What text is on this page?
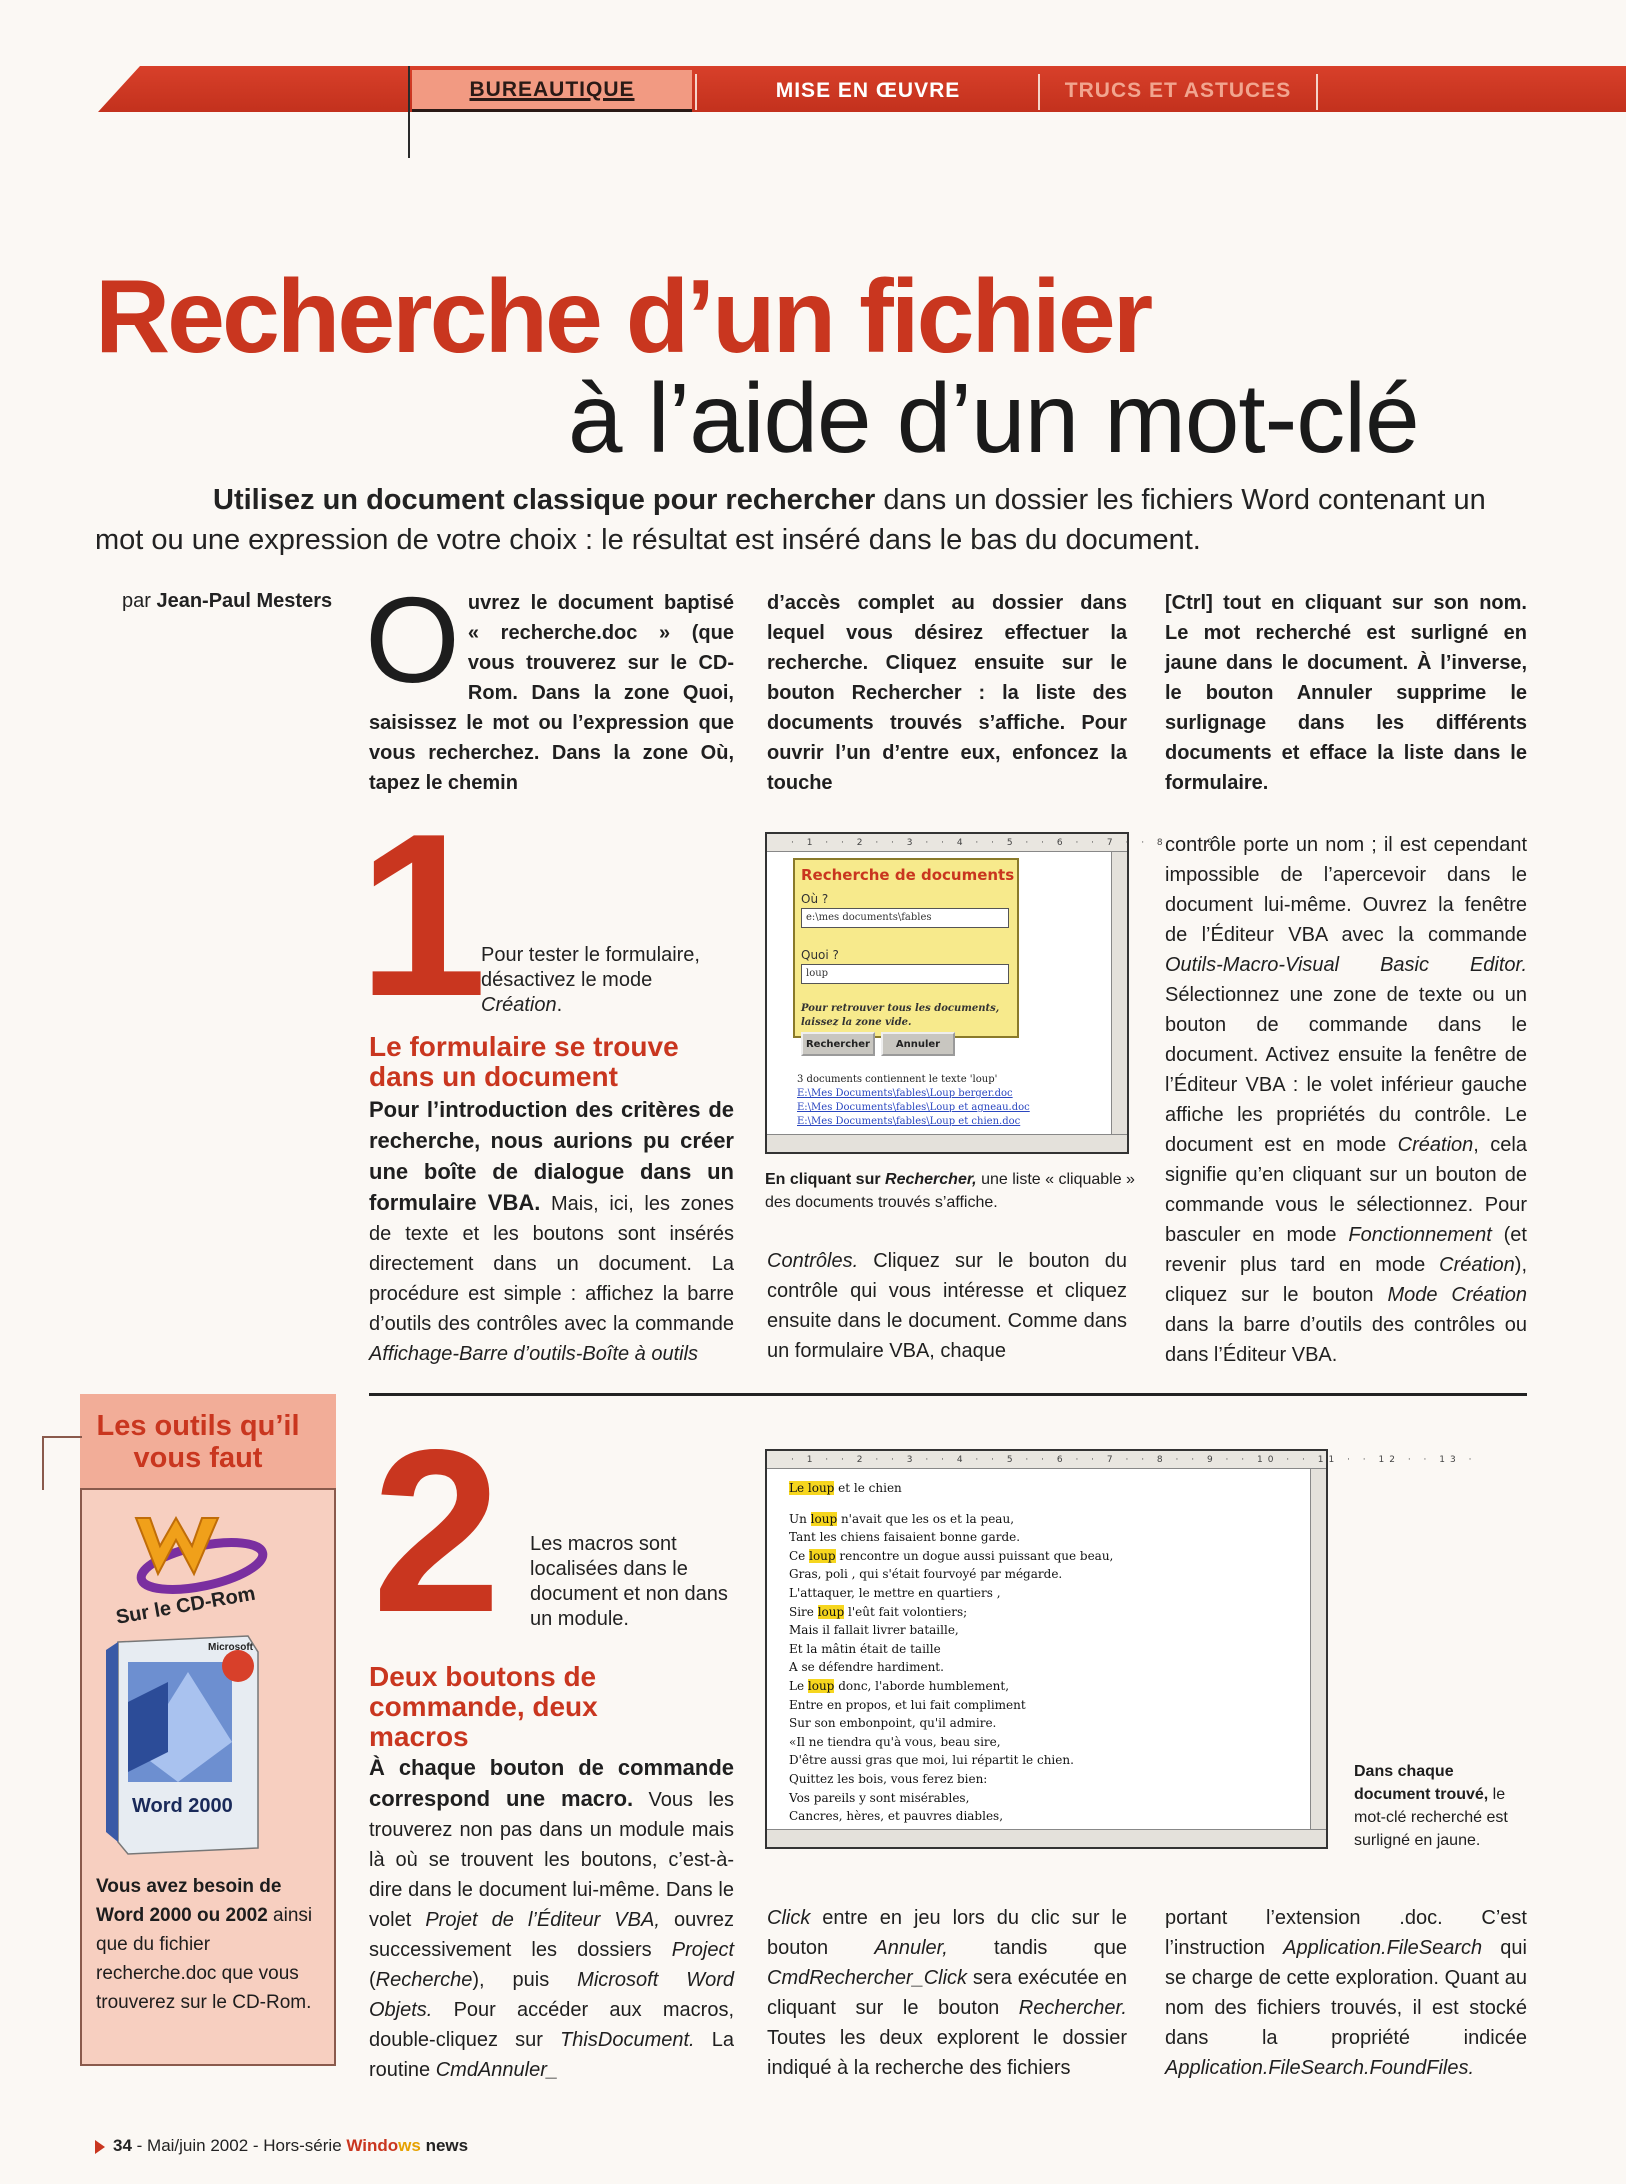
BUREAUTIQUE	MISE EN ŒUVRE	TRUCS ET ASTUCES
Recherche d’un fichier
à l’aide d’un mot-clé
Utilisez un document classique pour rechercher dans un dossier les fichiers Word contenant un mot ou une expression de votre choix : le résultat est inséré dans le bas du document.
par Jean-Paul Mesters O uvrez le document baptisé « recherche.doc » (que vous trouverez sur le CD-Rom. Dans la zone Quoi, saisissez le mot ou l’expression que vous recherchez. Dans la zone Où, tapez le chemin
d’accès complet au dossier dans lequel vous désirez effectuer la recherche. Cliquez ensuite sur le bouton Rechercher : la liste des documents trouvés s’affiche. Pour ouvrir l’un d’entre eux, enfoncez la touche
[Ctrl] tout en cliquant sur son nom. Le mot recherché est surligné en jaune dans le document. À l’inverse, le bouton Annuler supprime le surlignage dans les différents documents et efface la liste dans le formulaire.
1
Pour tester le formulaire, désactivez le mode Création.
Le formulaire se trouve dans un document
Pour l’introduction des critères de recherche, nous aurions pu créer une boîte de dialogue dans un formulaire VBA. Mais, ici, les zones de texte et les boutons sont insérés directement dans un document. La procédure est simple : affichez la barre d’outils des contrôles avec la commande Affichage-Barre d’outils-Boîte à outils
· 1 · · 2 · · 3 · · 4 · · 5 · · 6 · · 7 · · 8 · · 9 ·
Recherche de documents
Où ?
e:\mes documents\fables
Quoi ?
loup
Pour retrouver tous les documents, laissez la zone vide.
Rechercher	Annuler
3 documents contiennent le texte 'loup'
E:\Mes Documents\fables\Loup berger.doc
E:\Mes Documents\fables\Loup et agneau.doc
E:\Mes Documents\fables\Loup et chien.doc
En cliquant sur Rechercher, une liste « cliquable » des documents trouvés s’affiche.
Contrôles. Cliquez sur le bouton du contrôle qui vous intéresse et cliquez ensuite dans le document. Comme dans un formulaire VBA, chaque
contrôle porte un nom ; il est cependant impossible de l’apercevoir dans le document lui-même. Ouvrez la fenêtre de l’Éditeur VBA avec la commande Outils-Macro-Visual Basic Editor. Sélectionnez une zone de texte ou un bouton de commande dans le document. Activez ensuite la fenêtre de l’Éditeur VBA : le volet inférieur gauche affiche les propriétés du contrôle. Le document est en mode Création, cela signifie qu’en cliquant sur un bouton de commande vous le sélectionnez. Pour basculer en mode Fonctionnement (et revenir plus tard en mode Création), cliquez sur le bouton Mode Création dans la barre d’outils des contrôles ou dans l’Éditeur VBA.
Les outils qu’il vous faut
Sur le CD-Rom
Microsoft
Word 2000
Vous avez besoin de Word 2000 ou 2002 ainsi que du fichier recherche.doc que vous trouverez sur le CD-Rom.
2 Les macros sont localisées dans le document et non dans un module.
Deux boutons de commande, deux macros
À chaque bouton de commande correspond une macro. Vous les trouverez non pas dans un module mais là où se trouvent les boutons, c’est-à-dire dans le document lui-même. Dans le volet Projet de l’Éditeur VBA, ouvrez successivement les dossiers Project (Recherche), puis Microsoft Word Objets. Pour accéder aux macros, double-cliquez sur ThisDocument. La routine CmdAnnuler_
· 1 · · 2 · · 3 · · 4 · · 5 · · 6 · · 7 · · 8 · · 9 · · 10 · · 11 · · 12 · · 13 ·
Le loup et le chien
Un loup n'avait que les os et la peau,
Tant les chiens faisaient bonne garde.
Ce loup rencontre un dogue aussi puissant que beau,
Gras, poli , qui s'était fourvoyé par mégarde.
L'attaquer, le mettre en quartiers ,
Sire loup l'eût fait volontiers;
Mais il fallait livrer bataille,
Et la mâtin était de taille
A se défendre hardiment.
Le loup donc, l'aborde humblement,
Entre en propos, et lui fait compliment
Sur son embonpoint, qu'il admire.
«Il ne tiendra qu'à vous, beau sire,
D'être aussi gras que moi, lui répartit le chien.
Quittez les bois, vous ferez bien:
Vos pareils y sont misérables,
Cancres, hères, et pauvres diables,
Dans chaque document trouvé, le mot-clé recherché est surligné en jaune.
Click entre en jeu lors du clic sur le bouton Annuler, tandis que CmdRechercher_Click sera exécutée en cliquant sur le bouton Rechercher. Toutes les deux explorent le dossier indiqué à la recherche des fichiers
portant l’extension .doc. C’est l’instruction Application.FileSearch qui se charge de cette exploration. Quant au nom des fichiers trouvés, il est stocké dans la propriété indicée Application.FileSearch.FoundFiles.
34 - Mai/juin 2002 - Hors-série Windows news
